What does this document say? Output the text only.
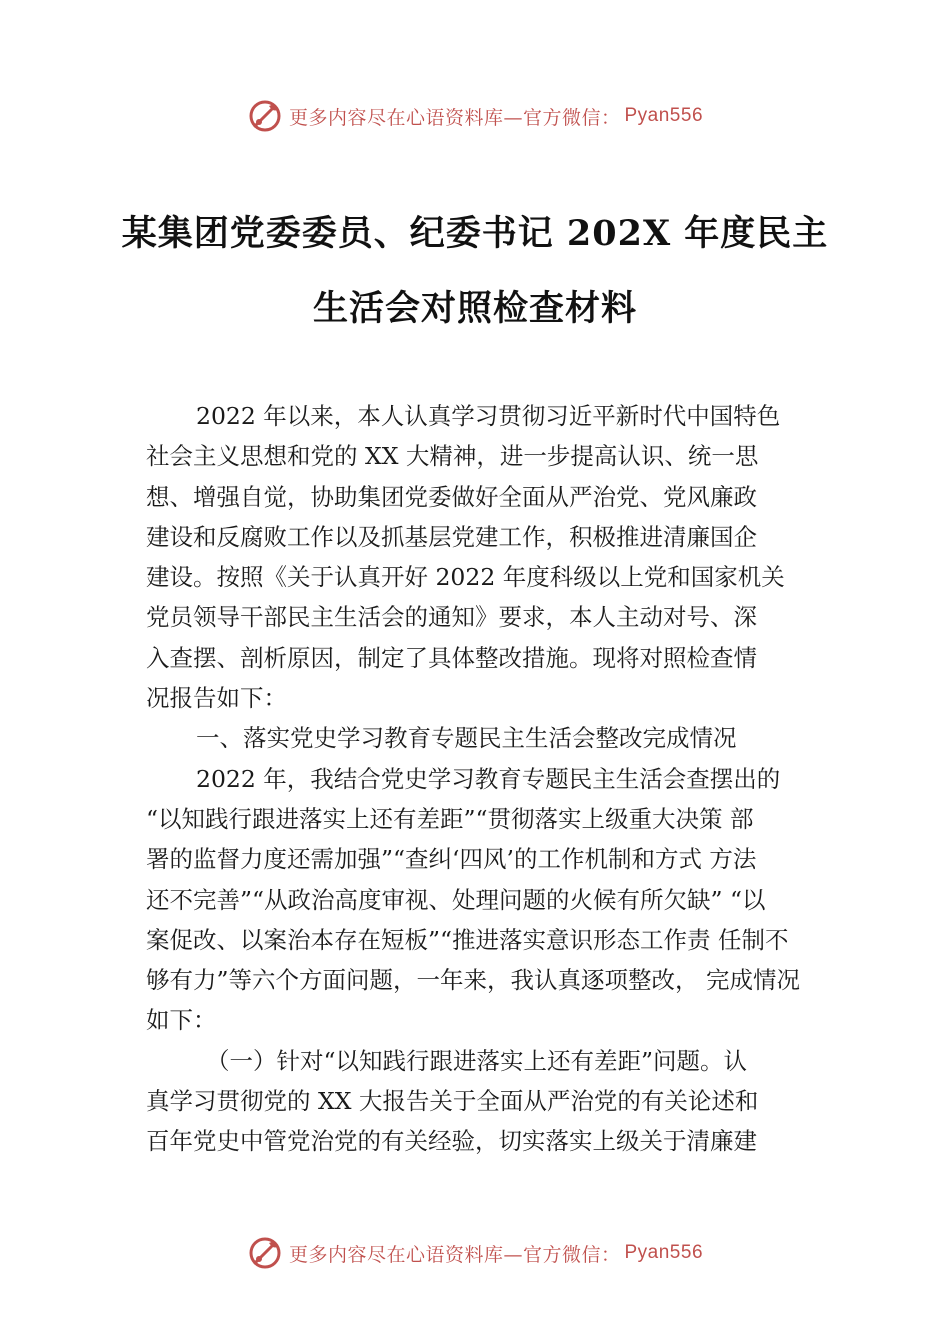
更多内容尽在心语资料库—官方微信： Pyan556
某集团党委委员、纪委书记 202X 年度民主
生活会对照检查材料
2022 年以来，本人认真学习贯彻习近平新时代中国特色
社会主义思想和党的 XX 大精神，进一步提高认识、统一思
想、增强自觉，协助集团党委做好全面从严治党、党风廉政
建设和反腐败工作以及抓基层党建工作，积极推进清廉国企
建设。按照《关于认真开好 2022 年度科级以上党和国家机关
党员领导干部民主生活会的通知》要求，本人主动对号、深
入查摆、剖析原因，制定了具体整改措施。现将对照检查情
况报告如下：
一、落实党史学习教育专题民主生活会整改完成情况
2022 年，我结合党史学习教育专题民主生活会查摆出的
“以知践行跟进落实上还有差距”“贯彻落实上级重大决策 部
署的监督力度还需加强”“查纠‘四风’的工作机制和方式 方法
还不完善”“从政治高度审视、处理问题的火候有所欠缺” “以
案促改、以案治本存在短板”“推进落实意识形态工作责 任制不
够有力”等六个方面问题，一年来，我认真逐项整改， 完成情况
如下：
（一）针对“以知践行跟进落实上还有差距”问题。认
真学习贯彻党的 XX 大报告关于全面从严治党的有关论述和
百年党史中管党治党的有关经验，切实落实上级关于清廉建
更多内容尽在心语资料库—官方微信： Pyan556
